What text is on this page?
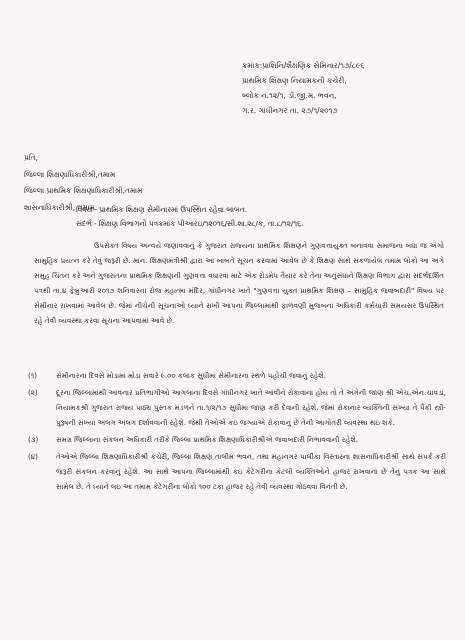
ક્રમાંક:પ્રાશિનિ/શૈક્ષણિક સેમિનાર/૧૭/૮૯૬
પ્રાથમિક શિક્ષણ નિયામકની કચેરી,
બ્લોક નં.૧૨/૧, ડૉ.જી.મ. ભવન,
ગ.ર. ગાંધીનગર તા. ૨૭/૧/૨૦૧૭
પ્રતિ,
જિલ્લા શિક્ષણાધિકારીશ્રી,તમામ
જિલ્લા પ્રાથમિક શિક્ષણાધિકારીશ્રી,તમામ
શાસનાધિકારીશ્રી, તમામ
વિષયઃ- પ્રાથમિક શિક્ષણ સેમીનારમાં ઉપસ્થિત રહેવા બાબત.
સંદર્ભઃ- શિક્ષણ વિભાગનો પત્રક્રમાંક પીઆરઇ/૧૨૦૧૬/સી.શા.૨૮/ક, તા.૮/૧૨/૧૬.
ઉપરોક્ત વિષય અન્વયે જણાવવાનું કે ગુજરાત રાજ્યના પ્રાથમિક શિક્ષણને ગુણવત્તાયુક્ત બનાવવા સમાજના બધા જ અંગો સામુહિક પ્રયત્ન કરે તેવું જરૂરી છે. માન. શિક્ષણમંત્રીશ્રી દ્વારા આ બાબતે સૂચન કરવામાં આવેલ છે કે શિક્ષણ સાથે સંકળાયેલ તમામ લોકો આ અંગે સમુહ ચિંતન કરે અને ગુજરાતના પ્રાથમિક શિક્ષણની ગુણવત્તા વધારવા માટે એક રોડમેપ તૈયાર કરે તેના અનુસંધાને શિક્ષણ વિભાગ દ્વારા સંદર્ભદર્શિત પત્રથી તા.૪ ફેબ્રુઆરી ૨૦૧૭ શનિવારના રોજ મહાત્મા મંદિર, ગાંધીનગર ખાતે "ગુણવત્તા યુક્ત પ્રાથમિક શિક્ષણ – સામુહિક જવાબદારી" વિષય પર સેમીનાર રાખવામાં આવેલ છે. જેમાં નીચેની સૂચનાઓ ધ્યાને રાખી આપના જિલ્લામાંથી ફાળવણી મુજબના અધિકારી કર્મચારી સમયસર ઉપસ્થિત રહે તેવી વ્યવસ્થા કરવા સૂચના આપવામાં આવે છે.
(૧)	સેમીનારના દિવસે મોડામાં મોડા સવારે ૯.૦૦ કલાક સુધીમાં સેમીનારના સ્થળે પહોંચી જવાનું રહેશે.
(૨)	દૂરના જિલ્લામાંથી આવનાર પ્રતિભાગીઓ આગલાના દિવસે ગાંધીનગર ખાતે આવીને રોકાવાના હોય તો તે અંગેની જાણ શ્રી એચ.એન.ચાવડા, નિયામકશ્રી ગુજરાત રાજ્ય પાઠ્ય પુસ્તક મંડળને તા.૧/૨/૧૭ સુધીમાં જાણ કરી દેવાની રહેશે. જેમાં રોકાનાર વ્યક્તિની સંખ્યા તે પૈકી સ્ત્રી-પુરૂષની સંખ્યા અલગ અલગ દર્શાવવાની રહેશે. જેથી તેઓએ કઇ જગ્યાએ રોકાવાનું છે તેની આગોતરી વ્યવસ્થા થઇ શકે.
(૩)	સમગ્ર જિલ્લાના સંકલન અધિકારી તરીકે જિલ્લા પ્રાથમિક શિક્ષણાધિકારીશ્રીએ જવાબદારી નિભાવવાની રહેશે.
(૪)	તેઓએ જિલ્લા શિક્ષણાધિકારીશ્રી કચેરી, જિલ્લા શિક્ષણ તાલીમ ભવન, તથા મહાનગર પાલીકા વિસ્તારના શાસનાધિકારીશ્રી સાથે સંપર્ક કરી જરૂરી સંકલન કરવાનું રહેશે. આ સાથે આપના જિલ્લામાંથી કઇ કેટેગરીના કેટલી વ્યક્તિઓને હાજર રાખવાના છે તેનું પત્રક આ સાથે સામેલ છે. તે ધ્યાને લઇ આ તમામ કેટેગરીના લોકો ૧૦૦ ટકા હાજર રહે તેવી વ્યવસ્થા ગોઠવવા વિનંતી છે.
